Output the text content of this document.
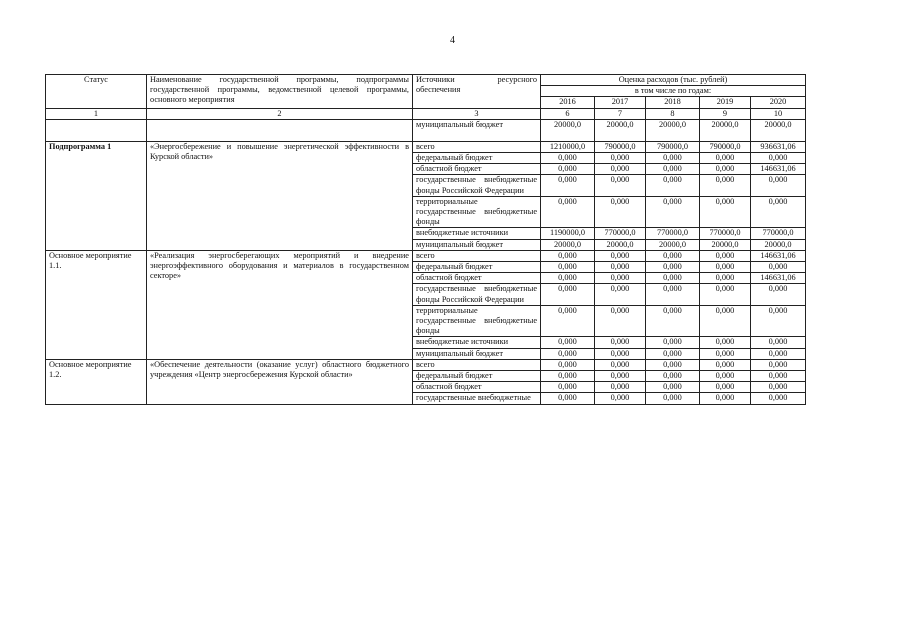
4
Статус	Наименование государственной программы, подпрограммы государственной программы, ведомственной целевой программы, основного мероприятия	Источники ресурсного обеспечения	Оценка расходов (тыс. рублей)				
			в том числе по годам:				
			2016	2017	2018	2019	2020
1	2	3	6	7	8	9	10
		муниципальный бюджет	20000,0	20000,0	20000,0	20000,0	20000,0
Подпрограмма 1	«Энергосбережение и повышение энергетической эффективности в Курской области»	всего	1210000,0	790000,0	790000,0	790000,0	936631,06
		федеральный бюджет	0,000	0,000	0,000	0,000	0,000
		областной бюджет	0,000	0,000	0,000	0,000	146631,06
		государственные внебюджетные фонды Российской Федерации	0,000	0,000	0,000	0,000	0,000
		территориальные государственные внебюджетные фонды	0,000	0,000	0,000	0,000	0,000
		внебюджетные источники	1190000,0	770000,0	770000,0	770000,0	770000,0
		муниципальный бюджет	20000,0	20000,0	20000,0	20000,0	20000,0
Основное мероприятие 1.1.	«Реализация энергосберегающих мероприятий и внедрение энергоэффективного оборудования и материалов в государственном секторе»	всего	0,000	0,000	0,000	0,000	146631,06
		федеральный бюджет	0,000	0,000	0,000	0,000	0,000
		областной бюджет	0,000	0,000	0,000	0,000	146631,06
		государственные внебюджетные фонды Российской Федерации	0,000	0,000	0,000	0,000	0,000
		территориальные государственные внебюджетные фонды	0,000	0,000	0,000	0,000	0,000
		внебюджетные источники	0,000	0,000	0,000	0,000	0,000
		муниципальный бюджет	0,000	0,000	0,000	0,000	0,000
Основное мероприятие 1.2.	«Обеспечение деятельности (оказание услуг) областного бюджетного учреждения «Центр энергосбережения Курской области»	всего	0,000	0,000	0,000	0,000	0,000
		федеральный бюджет	0,000	0,000	0,000	0,000	0,000
		областной бюджет	0,000	0,000	0,000	0,000	0,000
		государственные внебюджетные	0,000	0,000	0,000	0,000	0,000
